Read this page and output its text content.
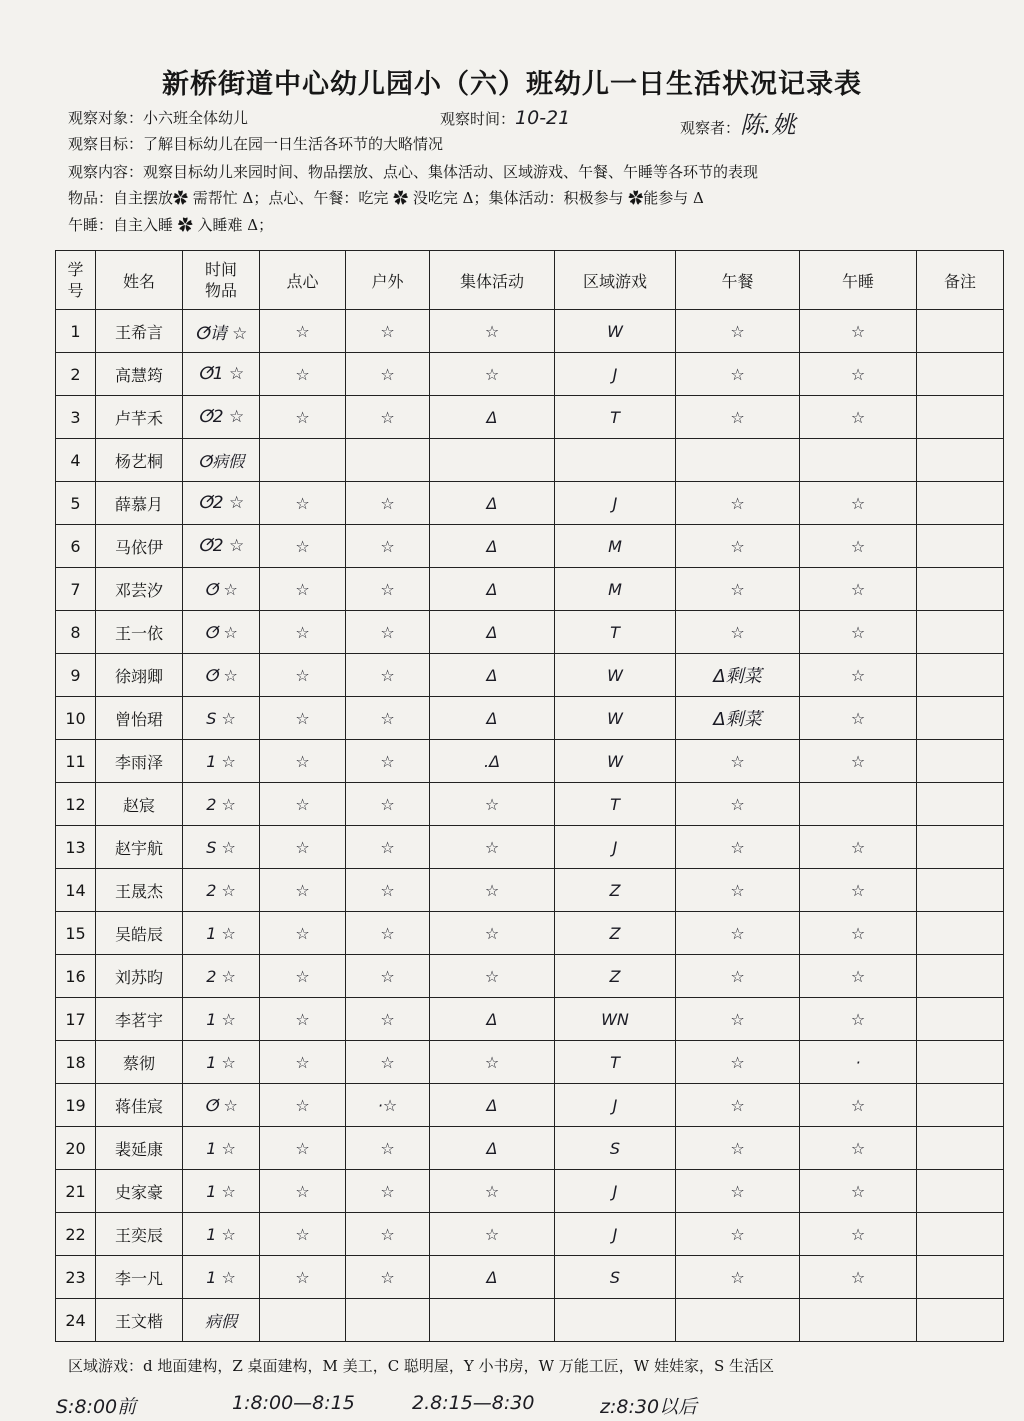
新桥街道中心幼儿园小（六）班幼儿一日生活状况记录表
观察对象：小六班全体幼儿	观察时间：10-21	观察者：陈.姚
观察目标：了解目标幼儿在园一日生活各环节的大略情况
观察内容：观察目标幼儿来园时间、物品摆放、点心、集体活动、区域游戏、午餐、午睡等各环节的表现
物品：自主摆放✿ 需帮忙 Δ；点心、午餐：吃完 ✿ 没吃完 Δ；集体活动：积极参与 ✿能参与 Δ
午睡：自主入睡 ✿ 入睡难 Δ；
学号	姓名	时间物品	点心	户外	集体活动	区域游戏	午餐	午睡	备注
1	王希言	ⵚ请 ☆	☆	☆	☆	W	☆	☆	
2	高慧筠	ⵚ1 ☆	☆	☆	☆	J	☆	☆	
3	卢芊禾	ⵚ2 ☆	☆	☆	Δ	T	☆	☆	
4	杨艺桐	ⵚ病假							
5	薛慕月	ⵚ2 ☆	☆	☆	Δ	J	☆	☆	
6	马依伊	ⵚ2 ☆	☆	☆	Δ	M	☆	☆	
7	邓芸汐	ⵚ ☆	☆	☆	Δ	M	☆	☆	
8	王一依	ⵚ ☆	☆	☆	Δ	T	☆	☆	
9	徐翊卿	ⵚ ☆	☆	☆	Δ	W	Δ剩菜	☆	
10	曾怡珺	S ☆	☆	☆	Δ	W	Δ剩菜	☆	
11	李雨泽	1 ☆	☆	☆	.Δ	W	☆	☆	
12	赵宸	2 ☆	☆	☆	☆	T	☆		
13	赵宇航	S ☆	☆	☆	☆	J	☆	☆	
14	王晟杰	2 ☆	☆	☆	☆	Z	☆	☆	
15	吴皓辰	1 ☆	☆	☆	☆	Z	☆	☆	
16	刘苏昀	2 ☆	☆	☆	☆	Z	☆	☆	
17	李茗宇	1 ☆	☆	☆	Δ	WN	☆	☆	
18	蔡彻	1 ☆	☆	☆	☆	T	☆	·	
19	蒋佳宸	ⵚ ☆	☆	·☆	Δ	J	☆	☆	
20	裴延康	1 ☆	☆	☆	Δ	S	☆	☆	
21	史家豪	1 ☆	☆	☆	☆	J	☆	☆	
22	王奕辰	1 ☆	☆	☆	☆	J	☆	☆	
23	李一凡	1 ☆	☆	☆	Δ	S	☆	☆	
24	王文楷	病假							
区域游戏：d 地面建构，Z 桌面建构，M 美工，C 聪明屋，Y 小书房，W 万能工匠，W 娃娃家，S 生活区
S:8:00前	1:8:00—8:15	2.8:15—8:30	z:8:30以后
